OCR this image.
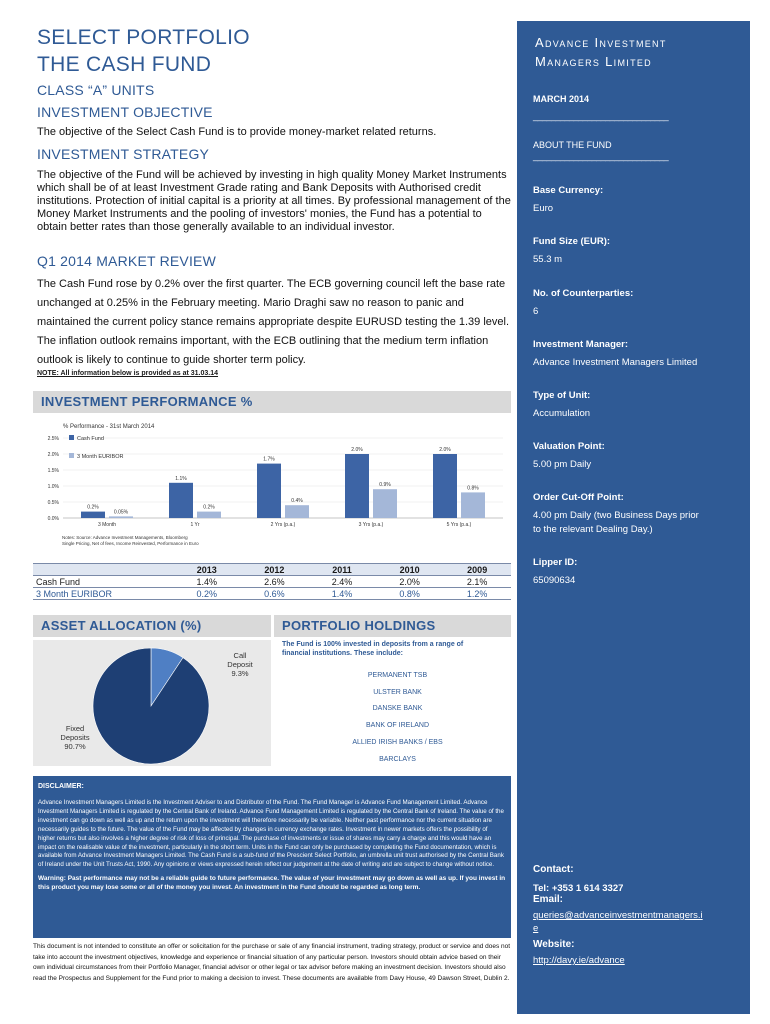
SELECT PORTFOLIO
THE CASH FUND
CLASS “A” UNITS
INVESTMENT OBJECTIVE
The objective of the Select Cash Fund is to provide money-market related returns.
INVESTMENT STRATEGY
The objective of the Fund will be achieved by investing in high quality Money Market Instruments which shall be of at least Investment Grade rating and Bank Deposits with Authorised credit institutions. Protection of initial capital is a priority at all times. By professional management of the Money Market Instruments and the pooling of investors' monies, the Fund has a potential to obtain better rates than those generally available to an individual investor.
Q1 2014 MARKET REVIEW
The Cash Fund rose by 0.2% over the first quarter. The ECB governing council left the base rate unchanged at 0.25% in the February meeting. Mario Draghi saw no reason to panic and maintained the current policy stance remains appropriate despite EURUSD testing the 1.39 level. The inflation outlook remains important, with the ECB outlining that the medium term inflation outlook is likely to continue to guide shorter term policy.
NOTE: All information below is provided as at 31.03.14
INVESTMENT PERFORMANCE %
% Performance - 31st March 2014
0.0%
0.5%
1.0%
1.5%
2.0%
2.5%
0.2%
0.05%
3 Month
1.1%
0.2%
1 Yr
1.7%
0.4%
2 Yrs (p.a.)
2.0%
0.9%
3 Yrs (p.a.)
2.0%
0.8%
5 Yrs (p.a.)
Cash Fund
3 Month EURIBOR
Notes: Source: Advance Investment Managements, Bloomberg
Single Pricing, Net of fees, Income Reinvested, Performance in Euro
	2013	2012	2011	2010	2009
Cash Fund	1.4%	2.6%	2.4%	2.0%	2.1%
3 Month EURIBOR	0.2%	0.6%	1.4%	0.8%	1.2%
ASSET ALLOCATION (%)	PORTFOLIO HOLDINGS
Call
Deposit
9.3%
Fixed
Deposits
90.7%
The Fund is 100% invested in deposits from a range of financial institutions. These include:
PERMANENT TSB
ULSTER BANK
DANSKE BANK
BANK OF IRELAND
ALLIED IRISH BANKS / EBS
BARCLAYS
DISCLAIMER:
Advance Investment Managers Limited is the Investment Adviser to and Distributor of the Fund. The Fund Manager is Advance Fund Management Limited. Advance Investment Managers Limited is regulated by the Central Bank of Ireland. Advance Fund Management Limited is regulated by the Central Bank of Ireland. The value of the investment can go down as well as up and the return upon the investment will therefore necessarily be variable. Neither past performance nor the current situation are necessarily guides to the future. The value of the Fund may be affected by changes in currency exchange rates. Investment in newer markets offers the possibility of higher returns but also involves a higher degree of risk of loss of principal. The purchase of investments or issue of shares may carry a charge and this would have an impact on the realisable value of the investment, particularly in the short term. Units in the Fund can only be purchased by completing the Fund documentation, which is available from Advance Investment Managers Limited. The Cash Fund is a sub-fund of the Prescient Select Portfolio, an umbrella unit trust authorised by the Central Bank of Ireland under the Unit Trusts Act, 1990. Any opinions or views expressed herein reflect our judgement at the date of writing and are subject to change without notice.
Warning: Past performance may not be a reliable guide to future performance. The value of your investment may go down as well as up. If you invest in this product you may lose some or all of the money you invest. An investment in the Fund should be regarded as long term.
This document is not intended to constitute an offer or solicitation for the purchase or sale of any financial instrument, trading strategy, product or service and does not take into account the investment objectives, knowledge and experience or financial situation of any particular person. Investors should obtain advice based on their own individual circumstances from their Portfolio Manager, financial advisor or other legal or tax advisor before making an investment decision. Investors should also read the Prospectus and Supplement for the Fund prior to making a decision to invest. These documents are available from Davy House, 49 Dawson Street, Dublin 2.
Advance Investment
Managers Limited
MARCH 2014
______________________________
ABOUT THE FUND
______________________________
Base Currency:
Euro
Fund Size (EUR):
55.3 m
No. of Counterparties:
6
Investment Manager:
Advance Investment Managers Limited
Type of Unit:
Accumulation
Valuation Point:
5.00 pm Daily
Order Cut-Off Point:
4.00 pm Daily (two Business Days prior
to the relevant Dealing Day.)
Lipper ID:
65090634
Contact:
Tel: +353 1 614 3327
Email:
queries@advanceinvestmentmanagers.i
e
Website:
http://davy.ie/advance
